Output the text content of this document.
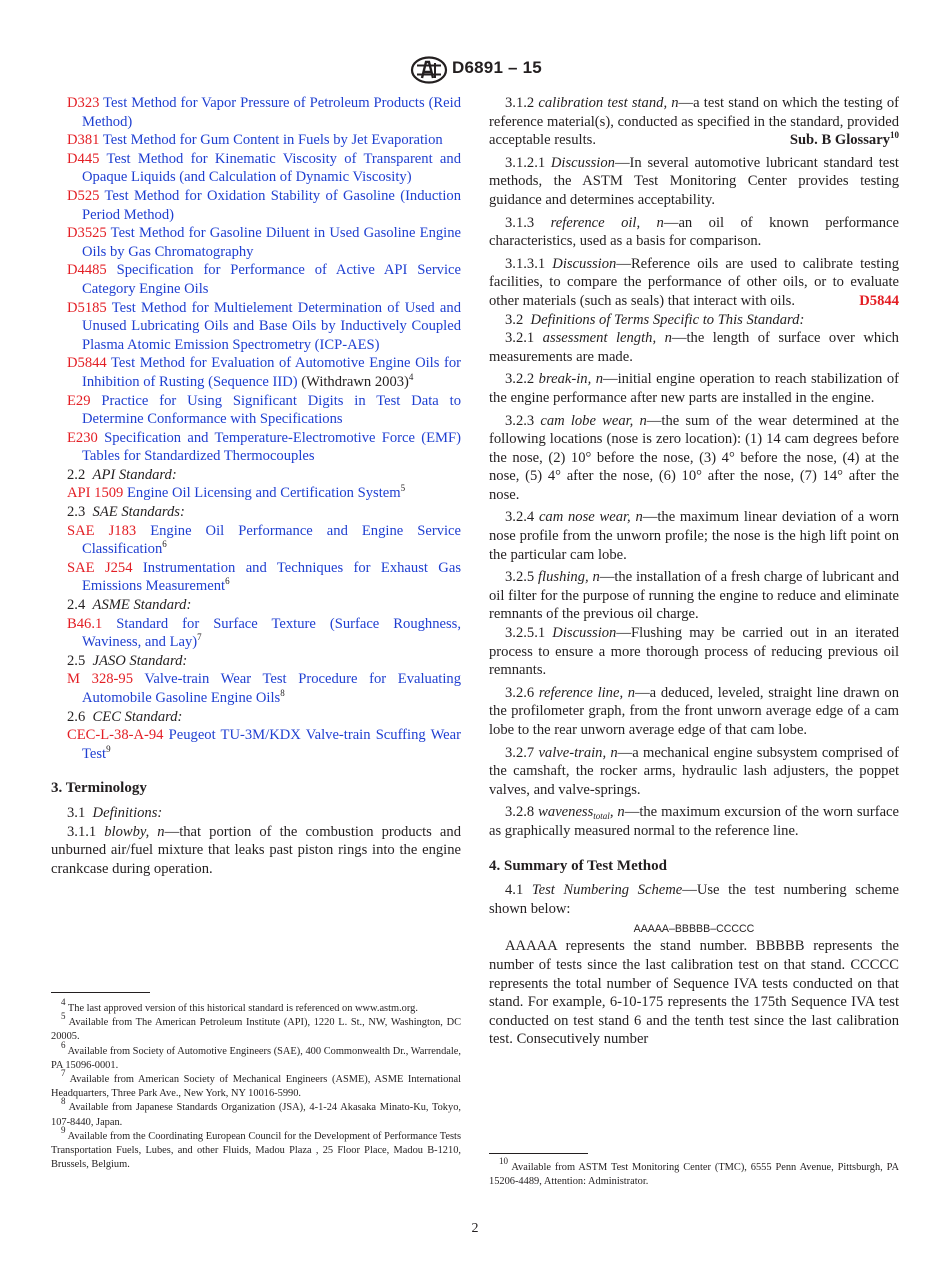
D6891 – 15
D323 Test Method for Vapor Pressure of Petroleum Products (Reid Method)
D381 Test Method for Gum Content in Fuels by Jet Evaporation
D445 Test Method for Kinematic Viscosity of Transparent and Opaque Liquids (and Calculation of Dynamic Viscosity)
D525 Test Method for Oxidation Stability of Gasoline (Induction Period Method)
D3525 Test Method for Gasoline Diluent in Used Gasoline Engine Oils by Gas Chromatography
D4485 Specification for Performance of Active API Service Category Engine Oils
D5185 Test Method for Multielement Determination of Used and Unused Lubricating Oils and Base Oils by Inductively Coupled Plasma Atomic Emission Spectrometry (ICP-AES)
D5844 Test Method for Evaluation of Automotive Engine Oils for Inhibition of Rusting (Sequence IID) (Withdrawn 2003)$^4$
E29 Practice for Using Significant Digits in Test Data to Determine Conformance with Specifications
E230 Specification and Temperature-Electromotive Force (EMF) Tables for Standardized Thermocouples
2.2 API Standard:
API 1509 Engine Oil Licensing and Certification System$^5$
2.3 SAE Standards:
SAE J183 Engine Oil Performance and Engine Service Classification$^6$
SAE J254 Instrumentation and Techniques for Exhaust Gas Emissions Measurement$^6$
2.4 ASME Standard:
B46.1 Standard for Surface Texture (Surface Roughness, Waviness, and Lay)$^7$
2.5 JASO Standard:
M 328-95 Valve-train Wear Test Procedure for Evaluating Automobile Gasoline Engine Oils$^8$
2.6 CEC Standard:
CEC-L-38-A-94 Peugeot TU-3M/KDX Valve-train Scuffing Wear Test$^9$
3. Terminology
3.1 Definitions:
3.1.1 blowby, n—that portion of the combustion products and unburned air/fuel mixture that leaks past piston rings into the engine crankcase during operation.
$^4$ The last approved version of this historical standard is referenced on www.astm.org.
$^5$ Available from The American Petroleum Institute (API), 1220 L. St., NW, Washington, DC 20005.
$^6$ Available from Society of Automotive Engineers (SAE), 400 Commonwealth Dr., Warrendale, PA 15096-0001.
$^7$ Available from American Society of Mechanical Engineers (ASME), ASME International Headquarters, Three Park Ave., New York, NY 10016-5990.
$^8$ Available from Japanese Standards Organization (JSA), 4-1-24 Akasaka Minato-Ku, Tokyo, 107-8440, Japan.
$^9$ Available from the Coordinating European Council for the Development of Performance Tests Transportation Fuels, Lubes, and other Fluids, Madou Plaza , 25 Floor Place, Madou B-1210, Brussels, Belgium.
3.1.2 calibration test stand, n—a test stand on which the testing of reference material(s), conducted as specified in the standard, provided acceptable results.	Sub. B Glossary$^{10}$
3.1.2.1 Discussion—In several automotive lubricant standard test methods, the ASTM Test Monitoring Center provides testing guidance and determines acceptability.
3.1.3 reference oil, n—an oil of known performance characteristics, used as a basis for comparison.
3.1.3.1 Discussion—Reference oils are used to calibrate testing facilities, to compare the performance of other oils, or to evaluate other materials (such as seals) that interact with oils.	D5844
3.2 Definitions of Terms Specific to This Standard:
3.2.1 assessment length, n—the length of surface over which measurements are made.
3.2.2 break-in, n—initial engine operation to reach stabilization of the engine performance after new parts are installed in the engine.
3.2.3 cam lobe wear, n—the sum of the wear determined at the following locations (nose is zero location): (1) 14 cam degrees before the nose, (2) 10° before the nose, (3) 4° before the nose, (4) at the nose, (5) 4° after the nose, (6) 10° after the nose, (7) 14° after the nose.
3.2.4 cam nose wear, n—the maximum linear deviation of a worn nose profile from the unworn profile; the nose is the high lift point on the particular cam lobe.
3.2.5 flushing, n—the installation of a fresh charge of lubricant and oil filter for the purpose of running the engine to reduce and eliminate remnants of the previous oil charge.
3.2.5.1 Discussion—Flushing may be carried out in an iterated process to ensure a more thorough process of reducing previous oil remnants.
3.2.6 reference line, n—a deduced, leveled, straight line drawn on the profilometer graph, from the front unworn average edge of a cam lobe to the rear unworn average edge of that cam lobe.
3.2.7 valve-train, n—a mechanical engine subsystem comprised of the camshaft, the rocker arms, hydraulic lash adjusters, the poppet valves, and valve-springs.
3.2.8 waveness$_{total}$, n—the maximum excursion of the worn surface as graphically measured normal to the reference line.
4. Summary of Test Method
4.1 Test Numbering Scheme—Use the test numbering scheme shown below:
AAAAA–BBBBB–CCCCC
AAAAA represents the stand number. BBBBB represents the number of tests since the last calibration test on that stand. CCCCC represents the total number of Sequence IVA tests conducted on that stand. For example, 6-10-175 represents the 175th Sequence IVA test conducted on test stand 6 and the tenth test since the last calibration test. Consecutively number
$^{10}$ Available from ASTM Test Monitoring Center (TMC), 6555 Penn Avenue, Pittsburgh, PA 15206-4489, Attention: Administrator.
2
